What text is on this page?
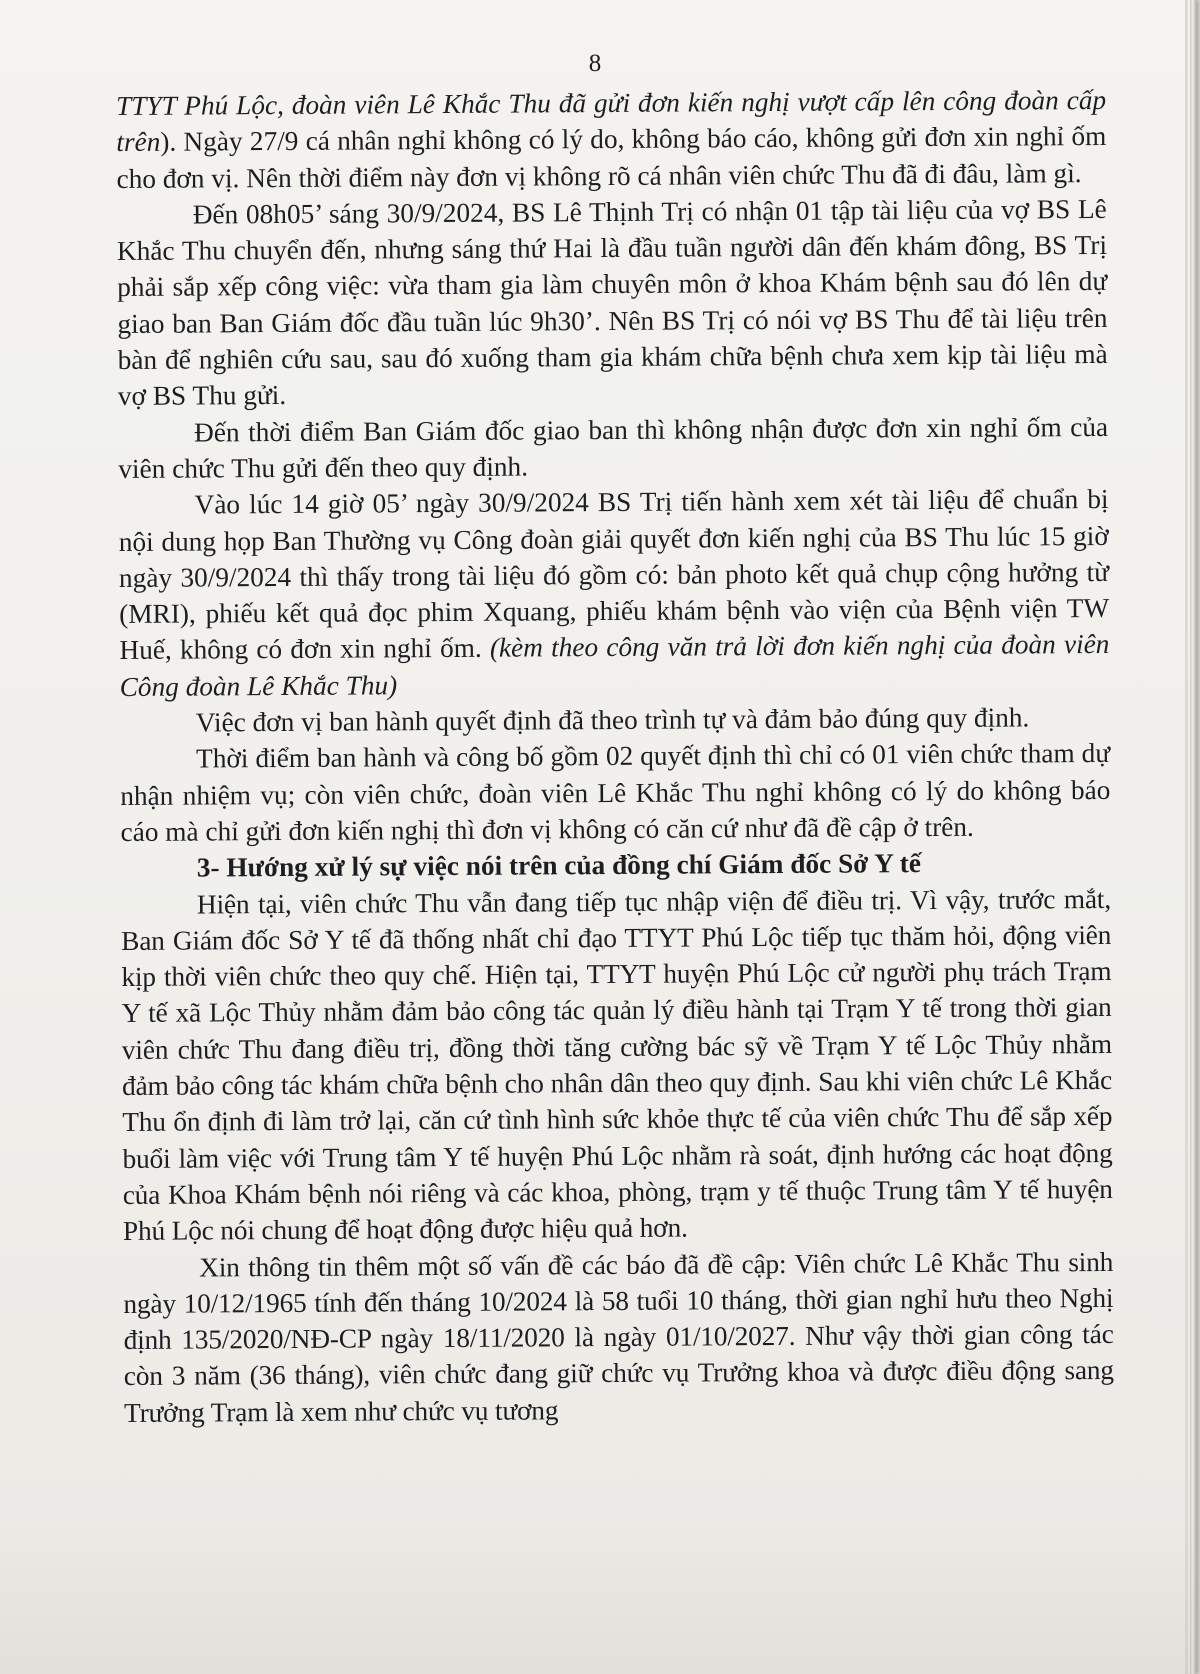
8

TTYT Phú Lộc, đoàn viên Lê Khắc Thu đã gửi đơn kiến nghị vượt cấp lên công đoàn cấp trên). Ngày 27/9 cá nhân nghỉ không có lý do, không báo cáo, không gửi đơn xin nghỉ ốm cho đơn vị. Nên thời điểm này đơn vị không rõ cá nhân viên chức Thu đã đi đâu, làm gì.

Đến 08h05’ sáng 30/9/2024, BS Lê Thịnh Trị có nhận 01 tập tài liệu của vợ BS Lê Khắc Thu chuyển đến, nhưng sáng thứ Hai là đầu tuần người dân đến khám đông, BS Trị phải sắp xếp công việc: vừa tham gia làm chuyên môn ở khoa Khám bệnh sau đó lên dự giao ban Ban Giám đốc đầu tuần lúc 9h30’. Nên BS Trị có nói vợ BS Thu để tài liệu trên bàn để nghiên cứu sau, sau đó xuống tham gia khám chữa bệnh chưa xem kịp tài liệu mà vợ BS Thu gửi.

Đến thời điểm Ban Giám đốc giao ban thì không nhận được đơn xin nghỉ ốm của viên chức Thu gửi đến theo quy định.

Vào lúc 14 giờ 05’ ngày 30/9/2024 BS Trị tiến hành xem xét tài liệu để chuẩn bị nội dung họp Ban Thường vụ Công đoàn giải quyết đơn kiến nghị của BS Thu lúc 15 giờ ngày 30/9/2024 thì thấy trong tài liệu đó gồm có: bản photo kết quả chụp cộng hưởng từ (MRI), phiếu kết quả đọc phim Xquang, phiếu khám bệnh vào viện của Bệnh viện TW Huế, không có đơn xin nghỉ ốm. (kèm theo công văn trả lời đơn kiến nghị của đoàn viên Công đoàn Lê Khắc Thu)

Việc đơn vị ban hành quyết định đã theo trình tự và đảm bảo đúng quy định.

Thời điểm ban hành và công bố gồm 02 quyết định thì chỉ có 01 viên chức tham dự nhận nhiệm vụ; còn viên chức, đoàn viên Lê Khắc Thu nghỉ không có lý do không báo cáo mà chỉ gửi đơn kiến nghị thì đơn vị không có căn cứ như đã đề cập ở trên.

3- Hướng xử lý sự việc nói trên của đồng chí Giám đốc Sở Y tế

Hiện tại, viên chức Thu vẫn đang tiếp tục nhập viện để điều trị. Vì vậy, trước mắt, Ban Giám đốc Sở Y tế đã thống nhất chỉ đạo TTYT Phú Lộc tiếp tục thăm hỏi, động viên kịp thời viên chức theo quy chế. Hiện tại, TTYT huyện Phú Lộc cử người phụ trách Trạm Y tế xã Lộc Thủy nhằm đảm bảo công tác quản lý điều hành tại Trạm Y tế trong thời gian viên chức Thu đang điều trị, đồng thời tăng cường bác sỹ về Trạm Y tế Lộc Thủy nhằm đảm bảo công tác khám chữa bệnh cho nhân dân theo quy định. Sau khi viên chức Lê Khắc Thu ổn định đi làm trở lại, căn cứ tình hình sức khỏe thực tế của viên chức Thu để sắp xếp buổi làm việc với Trung tâm Y tế huyện Phú Lộc nhằm rà soát, định hướng các hoạt động của Khoa Khám bệnh nói riêng và các khoa, phòng, trạm y tế thuộc Trung tâm Y tế huyện Phú Lộc nói chung để hoạt động được hiệu quả hơn.

Xin thông tin thêm một số vấn đề các báo đã đề cập: Viên chức Lê Khắc Thu sinh ngày 10/12/1965 tính đến tháng 10/2024 là 58 tuổi 10 tháng, thời gian nghỉ hưu theo Nghị định 135/2020/NĐ-CP ngày 18/11/2020 là ngày 01/10/2027. Như vậy thời gian công tác còn 3 năm (36 tháng), viên chức đang giữ chức vụ Trưởng khoa và được điều động sang Trưởng Trạm là xem như chức vụ tương
